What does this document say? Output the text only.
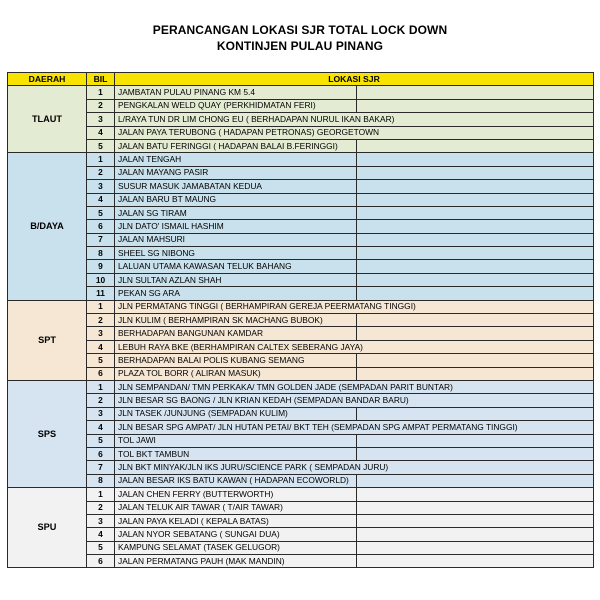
PERANCANGAN LOKASI SJR TOTAL LOCK DOWN
KONTINJEN PULAU PINANG
DAERAH	BIL	LOKASI SJR	
TLAUT	1	JAMBATAN PULAU PINANG KM 5.4	
	2	PENGKALAN WELD QUAY (PERKHIDMATAN FERI)	
	3	L/RAYA TUN DR LIM CHONG EU ( BERHADAPAN NURUL IKAN BAKAR)	
	4	JALAN PAYA TERUBONG ( HADAPAN PETRONAS) GEORGETOWN	
	5	JALAN BATU FERINGGI ( HADAPAN BALAI B.FERINGGI)	
B/DAYA	1	JALAN TENGAH	
	2	JALAN MAYANG PASIR	
	3	SUSUR MASUK JAMABATAN KEDUA	
	4	JALAN BARU BT MAUNG	
	5	JALAN SG TIRAM	
	6	JLN DATO' ISMAIL HASHIM	
	7	JALAN MAHSURI	
	8	SHEEL SG NIBONG	
	9	LALUAN UTAMA KAWASAN TELUK BAHANG	
	10	JLN SULTAN AZLAN SHAH	
	11	PEKAN SG ARA	
SPT	1	JLN PERMATANG TINGGI ( BERHAMPIRAN GEREJA PEERMATANG TINGGI)	
	2	JLN KULIM ( BERHAMPIRAN SK MACHANG BUBOK)	
	3	BERHADAPAN BANGUNAN KAMDAR	
	4	LEBUH RAYA BKE (BERHAMPIRAN CALTEX SEBERANG JAYA)	
	5	BERHADAPAN BALAI POLIS KUBANG SEMANG	
	6	PLAZA TOL BORR ( ALIRAN MASUK)	
SPS	1	JLN SEMPANDAN/ TMN PERKAKA/ TMN GOLDEN JADE (SEMPADAN PARIT BUNTAR)	
	2	JLN BESAR SG BAONG / JLN KRIAN KEDAH (SEMPADAN BANDAR BARU)	
	3	JLN TASEK /JUNJUNG (SEMPADAN KULIM)	
	4	JLN BESAR SPG AMPAT/ JLN HUTAN PETAI/ BKT TEH (SEMPADAN SPG AMPAT PERMATANG TINGGI)	
	5	TOL JAWI	
	6	TOL BKT TAMBUN	
	7	JLN BKT MINYAK/JLN IKS JURU/SCIENCE PARK ( SEMPADAN JURU)	
	8	JALAN BESAR IKS BATU KAWAN ( HADAPAN ECOWORLD)	
SPU	1	JALAN CHEN FERRY (BUTTERWORTH)	
	2	JALAN TELUK AIR TAWAR ( T/AIR TAWAR)	
	3	JALAN PAYA KELADI ( KEPALA BATAS)	
	4	JALAN NYOR SEBATANG ( SUNGAI DUA)	
	5	KAMPUNG SELAMAT (TASEK GELUGOR)	
	6	JALAN PERMATANG PAUH (MAK MANDIN)	
